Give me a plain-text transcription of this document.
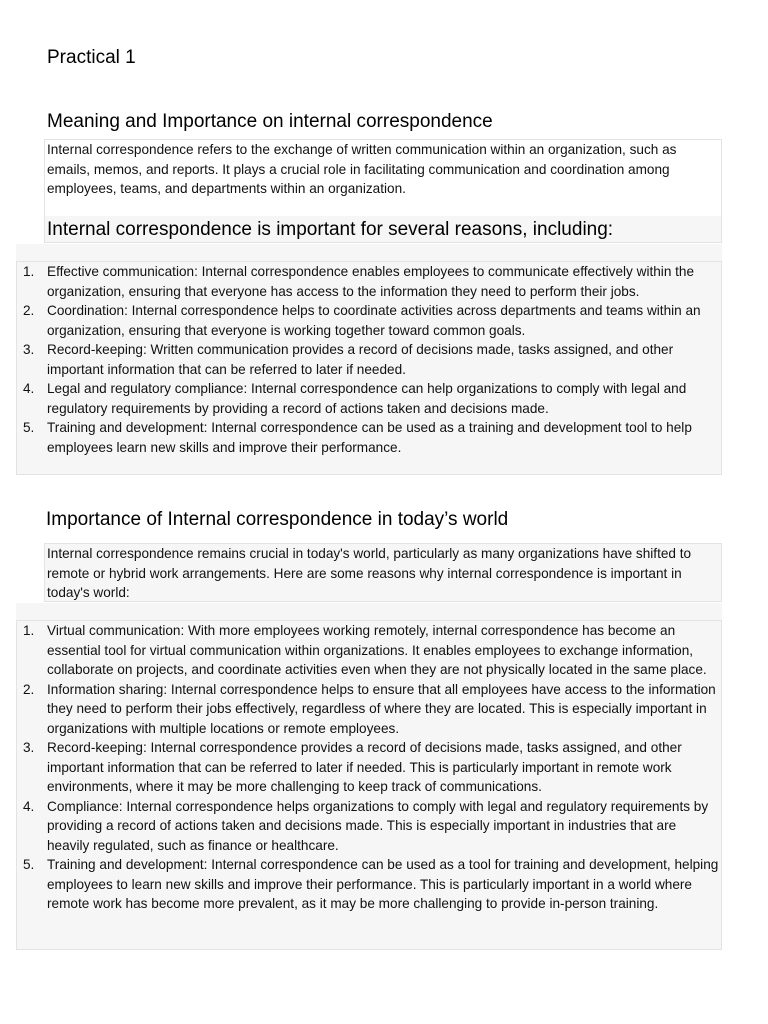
Practical 1
Meaning and Importance on internal correspondence
Internal correspondence refers to the exchange of written communication within an organization, such as emails, memos, and reports. It plays a crucial role in facilitating communication and coordination among employees, teams, and departments within an organization.
Internal correspondence is important for several reasons, including:
1. Effective communication: Internal correspondence enables employees to communicate effectively within the organization, ensuring that everyone has access to the information they need to perform their jobs.
2. Coordination: Internal correspondence helps to coordinate activities across departments and teams within an organization, ensuring that everyone is working together toward common goals.
3. Record-keeping: Written communication provides a record of decisions made, tasks assigned, and other important information that can be referred to later if needed.
4. Legal and regulatory compliance: Internal correspondence can help organizations to comply with legal and regulatory requirements by providing a record of actions taken and decisions made.
5. Training and development: Internal correspondence can be used as a training and development tool to help employees learn new skills and improve their performance.
Importance of Internal correspondence in today’s world
Internal correspondence remains crucial in today's world, particularly as many organizations have shifted to remote or hybrid work arrangements. Here are some reasons why internal correspondence is important in today's world:
1. Virtual communication: With more employees working remotely, internal correspondence has become an essential tool for virtual communication within organizations. It enables employees to exchange information, collaborate on projects, and coordinate activities even when they are not physically located in the same place.
2. Information sharing: Internal correspondence helps to ensure that all employees have access to the information they need to perform their jobs effectively, regardless of where they are located. This is especially important in organizations with multiple locations or remote employees.
3. Record-keeping: Internal correspondence provides a record of decisions made, tasks assigned, and other important information that can be referred to later if needed. This is particularly important in remote work environments, where it may be more challenging to keep track of communications.
4. Compliance: Internal correspondence helps organizations to comply with legal and regulatory requirements by providing a record of actions taken and decisions made. This is especially important in industries that are heavily regulated, such as finance or healthcare.
5. Training and development: Internal correspondence can be used as a tool for training and development, helping employees to learn new skills and improve their performance. This is particularly important in a world where remote work has become more prevalent, as it may be more challenging to provide in-person training.
